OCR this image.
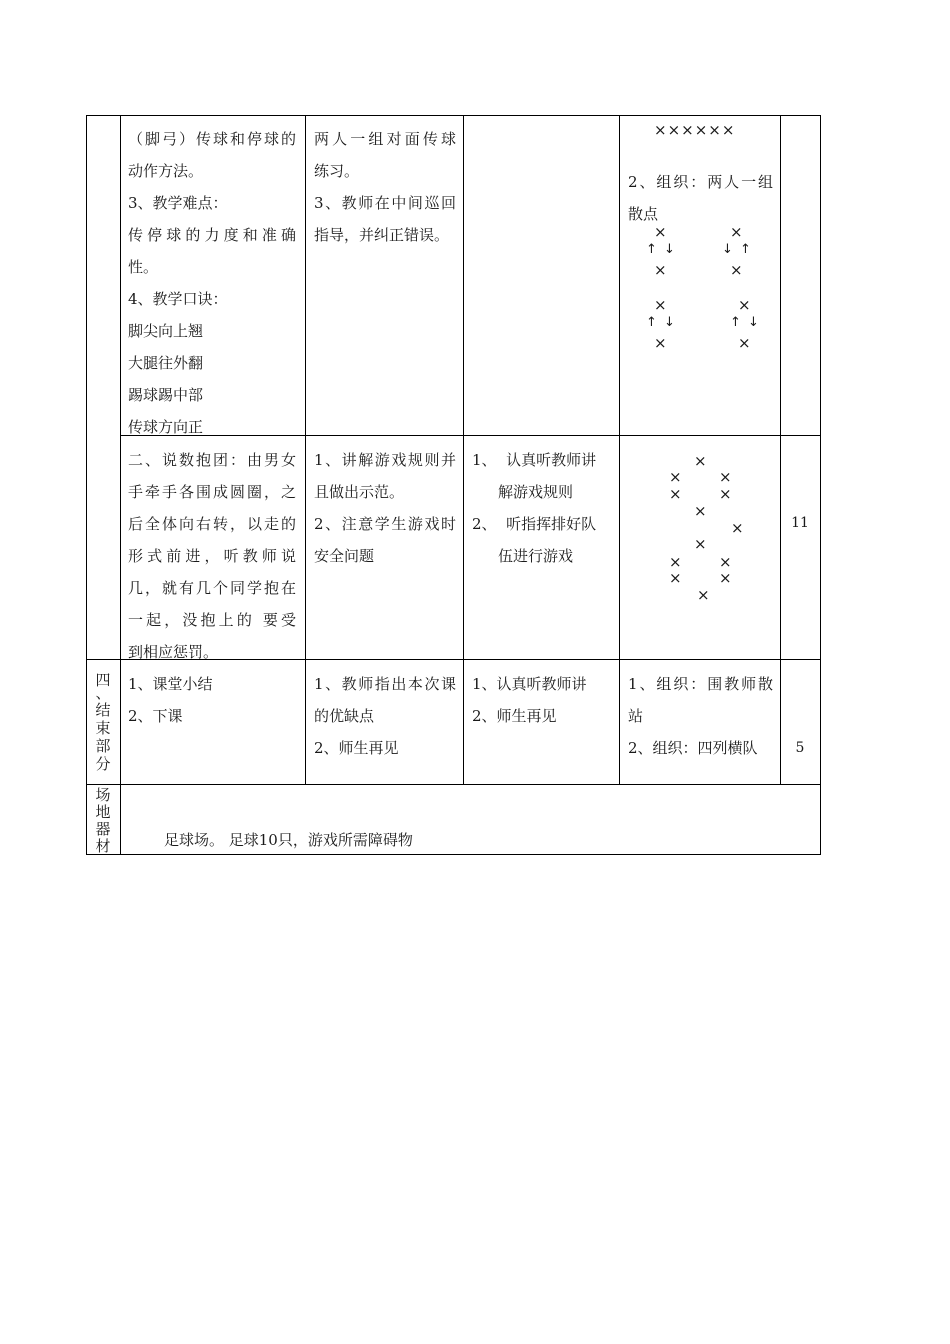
（脚弓）传球和停球的
动作方法。
3、教学难点：
传停球的力度和准确
性。
4、教学口诀：
脚尖向上翘
大腿往外翻
踢球踢中部
传球方向正
两人一组对面传球
练习。
3、教师在中间巡回
指导，并纠正错误。
××××××
2、组织：两人一组
散点
×
↑ ↓
×
×
↓ ↑
×
×
↑ ↓
×
×
↑ ↓
×
二、说数抱团：由男女
手牵手各围成圆圈，之
后全体向右转，以走的
形式前进，听教师说
几，就有几个同学抱在
一起，没抱上的 要受
到相应惩罚。
1、讲解游戏规则并
且做出示范。
2、注意学生游戏时
安全问题
1、  认真听教师讲
解游戏规则
2、  听指挥排好队
伍进行游戏
×
× ×
× ×
×
×
×
× ×
× ×
×
11
四
、
结
束
部
分
1、课堂小结
2、下课
1、教师指出本次课
的优缺点
2、师生再见
1、认真听教师讲
2、师生再见
1、组织：围教师散
站
2、组织：四列横队	5
场
地
器
材	足球场。 足球10只，游戏所需障碍物
